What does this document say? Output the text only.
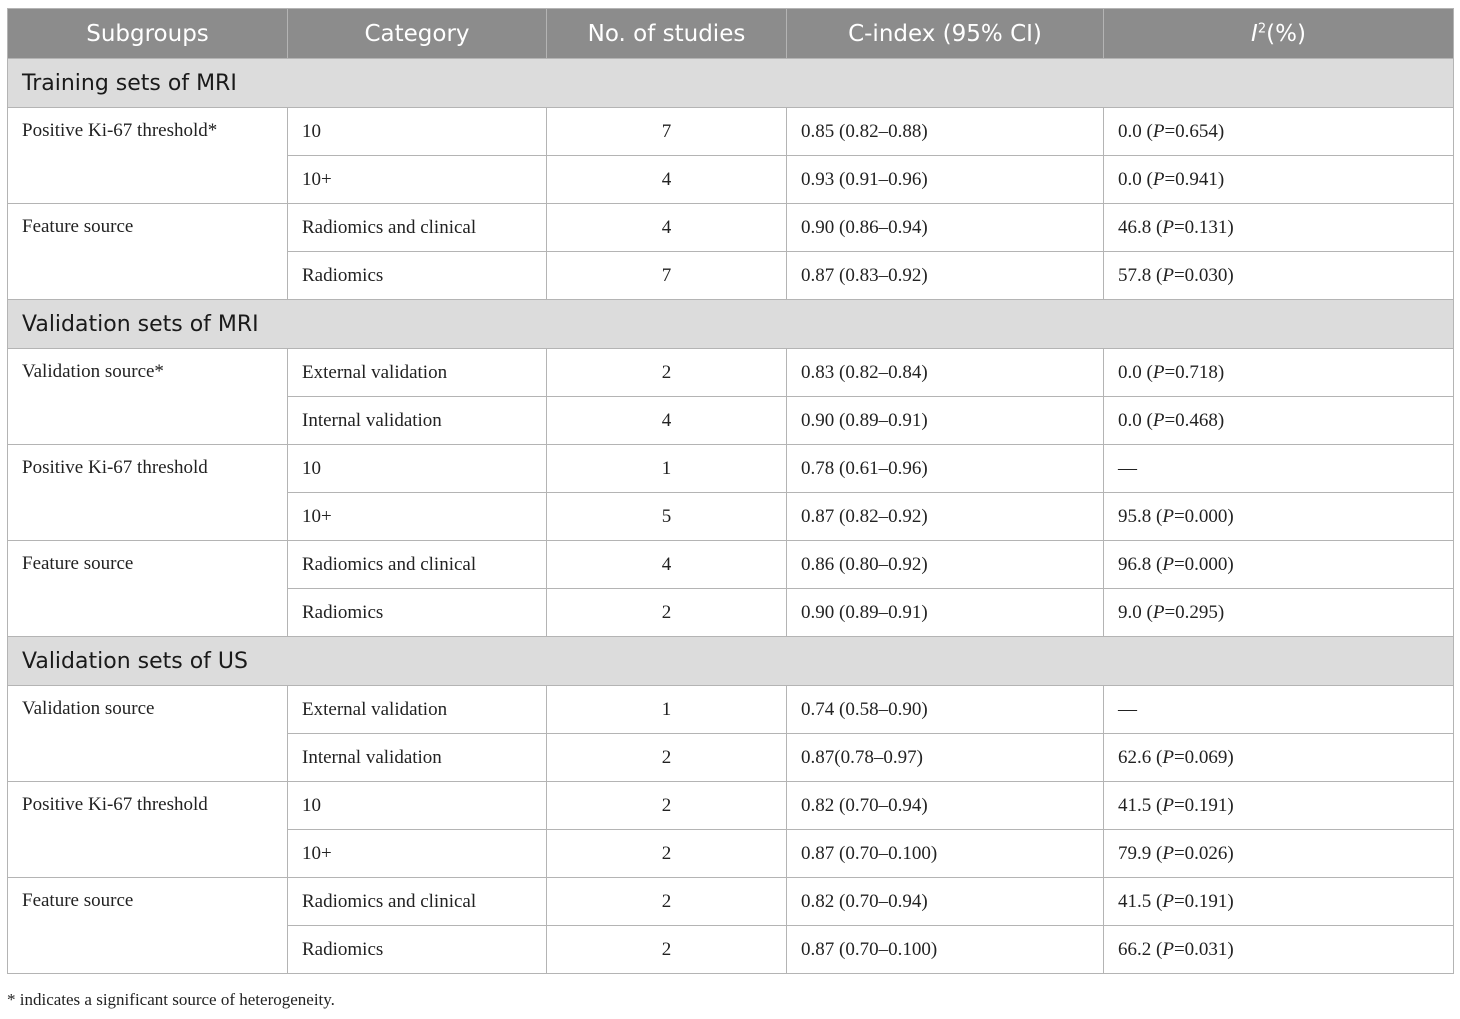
Subgroups	Category	No. of studies	C-index (95% CI)	$I^2(\%)$
Training sets of MRI				
Positive Ki-67 threshold*	10	7	0.85 (0.82–0.88)	0.0 (P=0.654)
	10+	4	0.93 (0.91–0.96)	0.0 (P=0.941)
Feature source	Radiomics and clinical	4	0.90 (0.86–0.94)	46.8 (P=0.131)
	Radiomics	7	0.87 (0.83–0.92)	57.8 (P=0.030)
Validation sets of MRI				
Validation source*	External validation	2	0.83 (0.82–0.84)	0.0 (P=0.718)
	Internal validation	4	0.90 (0.89–0.91)	0.0 (P=0.468)
Positive Ki-67 threshold	10	1	0.78 (0.61–0.96)	—
	10+	5	0.87 (0.82–0.92)	95.8 (P=0.000)
Feature source	Radiomics and clinical	4	0.86 (0.80–0.92)	96.8 (P=0.000)
	Radiomics	2	0.90 (0.89–0.91)	9.0 (P=0.295)
Validation sets of US				
Validation source	External validation	1	0.74 (0.58–0.90)	—
	Internal validation	2	0.87(0.78–0.97)	62.6 (P=0.069)
Positive Ki-67 threshold	10	2	0.82 (0.70–0.94)	41.5 (P=0.191)
	10+	2	0.87 (0.70–0.100)	79.9 (P=0.026)
Feature source	Radiomics and clinical	2	0.82 (0.70–0.94)	41.5 (P=0.191)
	Radiomics	2	0.87 (0.70–0.100)	66.2 (P=0.031)
* indicates a significant source of heterogeneity.
